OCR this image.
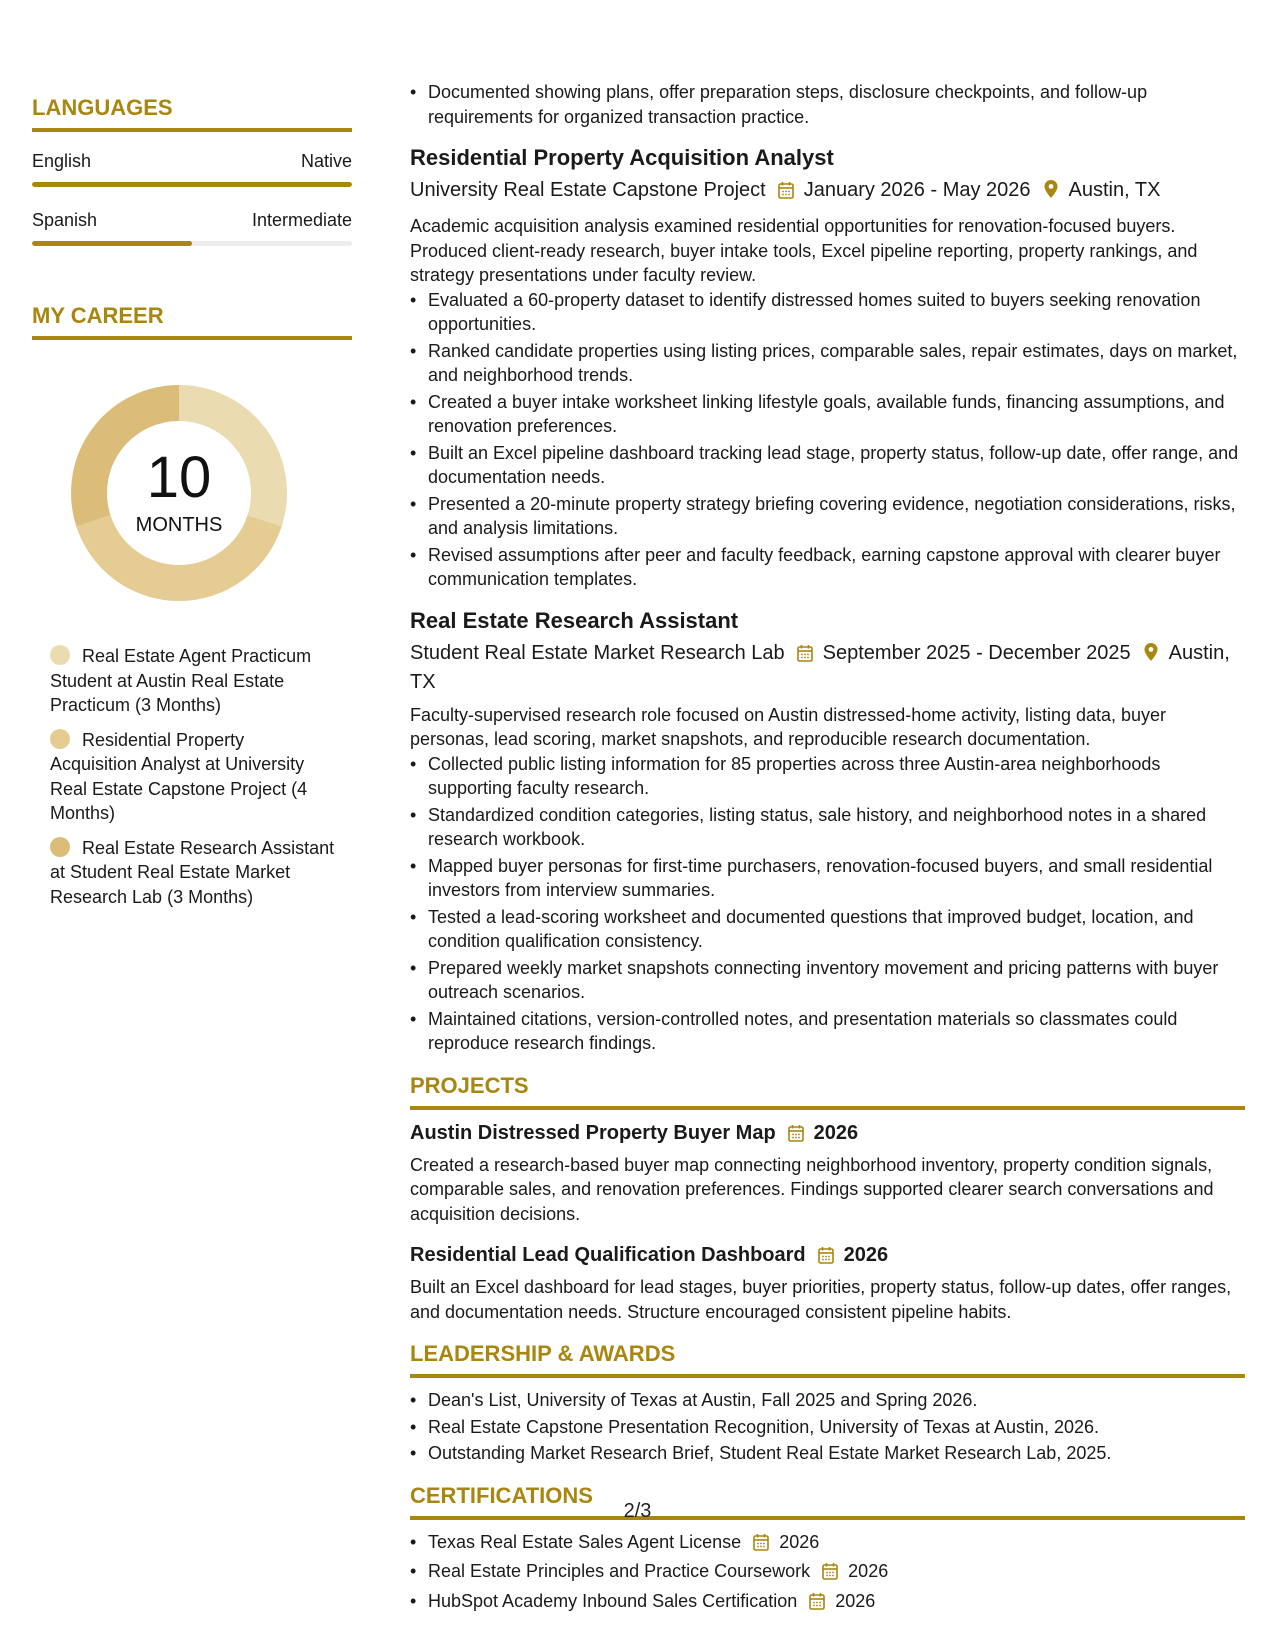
LANGUAGES
English	Native
Spanish	Intermediate
MY CAREER
10
MONTHS
Real Estate Agent Practicum Student at Austin Real Estate Practicum (3 Months)
Residential Property Acquisition Analyst at University Real Estate Capstone Project (4 Months)
Real Estate Research Assistant at Student Real Estate Market Research Lab (3 Months)
• Documented showing plans, offer preparation steps, disclosure checkpoints, and follow-up requirements for organized transaction practice.
Residential Property Acquisition Analyst
University Real Estate Capstone Project January 2026 - May 2026 Austin, TX
Academic acquisition analysis examined residential opportunities for renovation-focused buyers. Produced client-ready research, buyer intake tools, Excel pipeline reporting, property rankings, and strategy presentations under faculty review.
• Evaluated a 60-property dataset to identify distressed homes suited to buyers seeking renovation opportunities.
• Ranked candidate properties using listing prices, comparable sales, repair estimates, days on market, and neighborhood trends.
• Created a buyer intake worksheet linking lifestyle goals, available funds, financing assumptions, and renovation preferences.
• Built an Excel pipeline dashboard tracking lead stage, property status, follow-up date, offer range, and documentation needs.
• Presented a 20-minute property strategy briefing covering evidence, negotiation considerations, risks, and analysis limitations.
• Revised assumptions after peer and faculty feedback, earning capstone approval with clearer buyer communication templates.
Real Estate Research Assistant
Student Real Estate Market Research Lab September 2025 - December 2025 Austin, TX
Faculty-supervised research role focused on Austin distressed-home activity, listing data, buyer personas, lead scoring, market snapshots, and reproducible research documentation.
• Collected public listing information for 85 properties across three Austin-area neighborhoods supporting faculty research.
• Standardized condition categories, listing status, sale history, and neighborhood notes in a shared research workbook.
• Mapped buyer personas for first-time purchasers, renovation-focused buyers, and small residential investors from interview summaries.
• Tested a lead-scoring worksheet and documented questions that improved budget, location, and condition qualification consistency.
• Prepared weekly market snapshots connecting inventory movement and pricing patterns with buyer outreach scenarios.
• Maintained citations, version-controlled notes, and presentation materials so classmates could reproduce research findings.
PROJECTS
Austin Distressed Property Buyer Map 2026
Created a research-based buyer map connecting neighborhood inventory, property condition signals, comparable sales, and renovation preferences. Findings supported clearer search conversations and acquisition decisions.
Residential Lead Qualification Dashboard 2026
Built an Excel dashboard for lead stages, buyer priorities, property status, follow-up dates, offer ranges, and documentation needs. Structure encouraged consistent pipeline habits.
LEADERSHIP & AWARDS
• Dean's List, University of Texas at Austin, Fall 2025 and Spring 2026.
• Real Estate Capstone Presentation Recognition, University of Texas at Austin, 2026.
• Outstanding Market Research Brief, Student Real Estate Market Research Lab, 2025.
CERTIFICATIONS
• Texas Real Estate Sales Agent License 2026
• Real Estate Principles and Practice Coursework 2026
• HubSpot Academy Inbound Sales Certification 2026
2/3
